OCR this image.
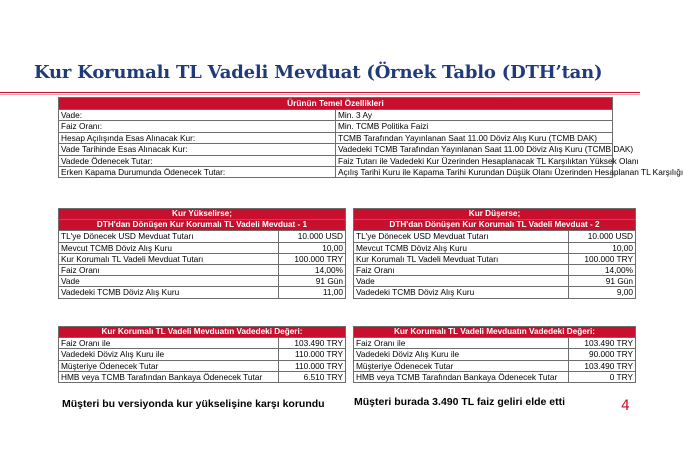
Kur Korumalı TL Vadeli Mevduat (Örnek Tablo (DTH’tan)
Ürünün Temel Özellikleri	
Vade:	Min. 3 Ay
Faiz Oranı:	Min. TCMB Politika Faizi
Hesap Açılışında Esas Alınacak Kur:	TCMB Tarafından Yayınlanan Saat 11.00 Döviz Alış Kuru (TCMB DAK)
Vade Tarihinde Esas Alınacak Kur:	Vadedeki TCMB Tarafından Yayınlanan Saat 11.00 Döviz Alış Kuru (TCMB DAK)
Vadede Ödenecek Tutar:	Faiz Tutarı ile Vadedeki Kur Üzerinden Hesaplanacak TL Karşılıktan Yüksek Olanı
Erken Kapama Durumunda Ödenecek Tutar:	Açılış Tarihi Kuru ile Kapama Tarihi Kurundan Düşük Olanı Üzerinden Hesaplanan TL Karşılığı
Kur Yükselirse;	
DTH'dan Dönüşen Kur Korumalı TL Vadeli Mevduat - 1	
TL'ye Dönecek USD Mevduat Tutarı	10.000 USD
Mevcut TCMB Döviz Alış Kuru	10,00
Kur Korumalı TL Vadeli Mevduat Tutarı	100.000 TRY
Faiz Oranı	14,00%
Vade	91 Gün
Vadedeki TCMB Döviz Alış Kuru	11,00
Kur Düşerse;	
DTH'dan Dönüşen Kur Korumalı TL Vadeli Mevduat - 2	
TL'ye Dönecek USD Mevduat Tutarı	10.000 USD
Mevcut TCMB Döviz Alış Kuru	10,00
Kur Korumalı TL Vadeli Mevduat Tutarı	100.000 TRY
Faiz Oranı	14,00%
Vade	91 Gün
Vadedeki TCMB Döviz Alış Kuru	9,00
Kur Korumalı TL Vadeli Mevduatın Vadedeki Değeri:	
Faiz Oranı ile	103.490 TRY
Vadedeki Döviz Alış Kuru ile	110.000 TRY
Müşteriye Ödenecek Tutar	110.000 TRY
HMB veya TCMB Tarafından Bankaya Ödenecek Tutar	6.510 TRY
Kur Korumalı TL Vadeli Mevduatın Vadedeki Değeri:	
Faiz Oranı ile	103.490 TRY
Vadedeki Döviz Alış Kuru ile	90.000 TRY
Müşteriye Ödenecek Tutar	103.490 TRY
HMB veya TCMB Tarafından Bankaya Ödenecek Tutar	0 TRY
Müşteri bu versiyonda kur yükselişine karşı korundu	Müşteri burada 3.490 TL faiz geliri elde etti	4
